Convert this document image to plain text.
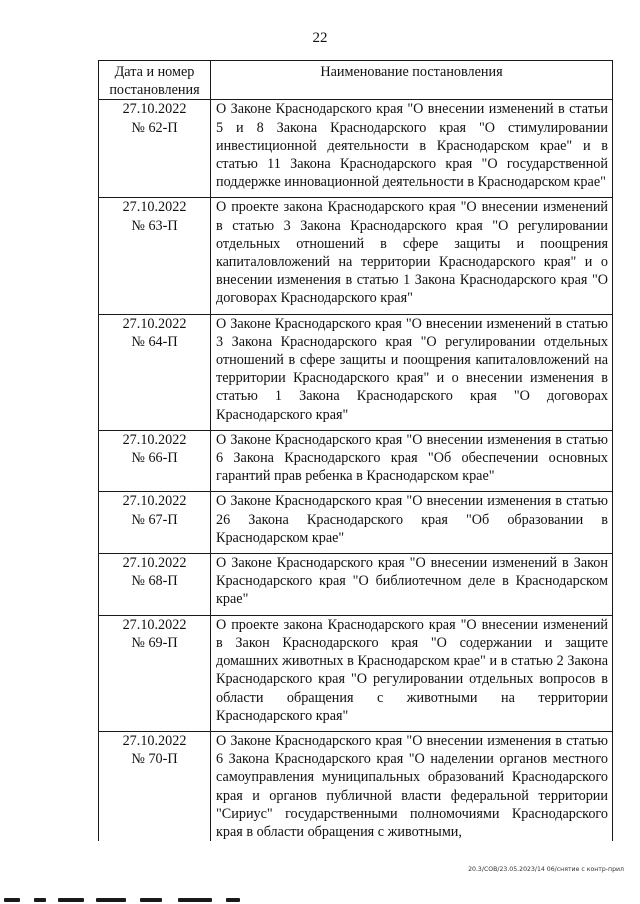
22
Дата и номер постановления	Наименование постановления

27.10.2022
№ 62-П	О Законе Краснодарского края "О внесении изменений в статьи 5 и 8 Закона Краснодарского края "О стимулировании инвестиционной деятельности в Краснодарском крае" и в статью 11 Закона Краснодарского края "О государственной поддержке инновационной деятельности в Краснодарском крае"

27.10.2022
№ 63-П	О проекте закона Краснодарского края "О внесении изменений в статью 3 Закона Краснодарского края "О регулировании отдельных отношений в сфере защиты и поощрения капиталовложений на территории Краснодарского края" и о внесении изменения в статью 1 Закона Краснодарского края "О договорах Краснодарского края"

27.10.2022
№ 64-П	О Законе Краснодарского края "О внесении изменений в статью 3 Закона Краснодарского края "О регулировании отдельных отношений в сфере защиты и поощрения капиталовложений на территории Краснодарского края" и о внесении изменения в статью 1 Закона Краснодарского края "О договорах Краснодарского края"

27.10.2022
№ 66-П	О Законе Краснодарского края "О внесении изменения в статью 6 Закона Краснодарского края "Об обеспечении основных гарантий прав ребенка в Краснодарском крае"

27.10.2022
№ 67-П	О Законе Краснодарского края "О внесении изменения в статью 26 Закона Краснодарского края "Об образовании в Краснодарском крае"

27.10.2022
№ 68-П	О Законе Краснодарского края "О внесении изменений в Закон Краснодарского края "О библиотечном деле в Краснодарском крае"

27.10.2022
№ 69-П	О проекте закона Краснодарского края "О внесении изменений в Закон Краснодарского края "О содержании и защите домашних животных в Краснодарском крае" и в статью 2 Закона Краснодарского края "О регулировании отдельных вопросов в области обращения с животными на территории Краснодарского края"

27.10.2022
№ 70-П	О Законе Краснодарского края "О внесении изменения в статью 6 Закона Краснодарского края "О наделении органов местного самоуправления муниципальных образований Краснодарского края и органов публичной власти федеральной территории "Сириус" государственными полномочиями Краснодарского края в области обращения с животными,
20.3/СОВ/23.05.2023/14 06/снятие с контр-прил
